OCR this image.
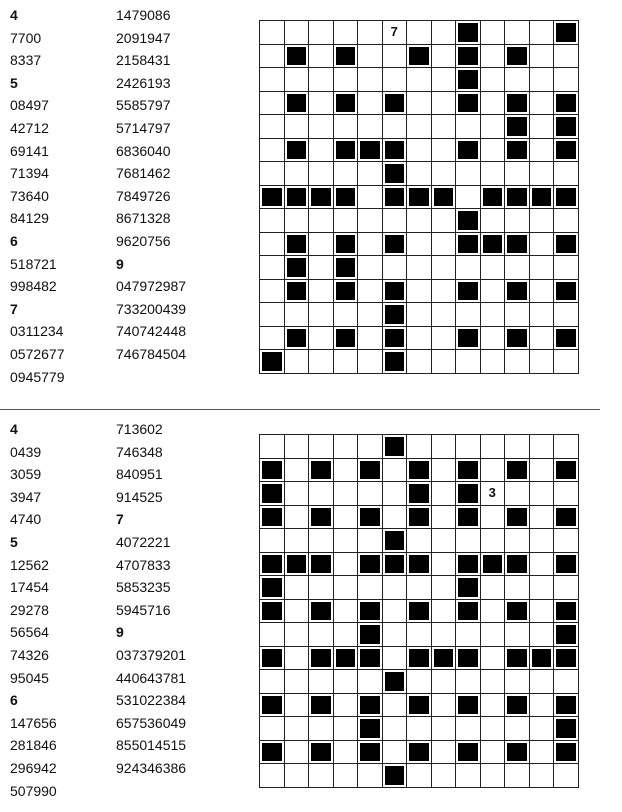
4
7700
8337
5
08497
42712
69141
71394
73640
84129
6
518721
998482
7
0311234
0572677
0945779
1479086
2091947
2158431
2426193
5585797
5714797
6836040
7681462
7849726
8671328
9620756
9
047972987
733200439
740742448
746784504
7
4
0439
3059
3947
4740
5
12562
17454
29278
56564
74326
95045
6
147656
281846
296942
507990
713602
746348
840951
914525
7
4072221
4707833
5853235
5945716
9
037379201
440643781
531022384
657536049
855014515
924346386
3
